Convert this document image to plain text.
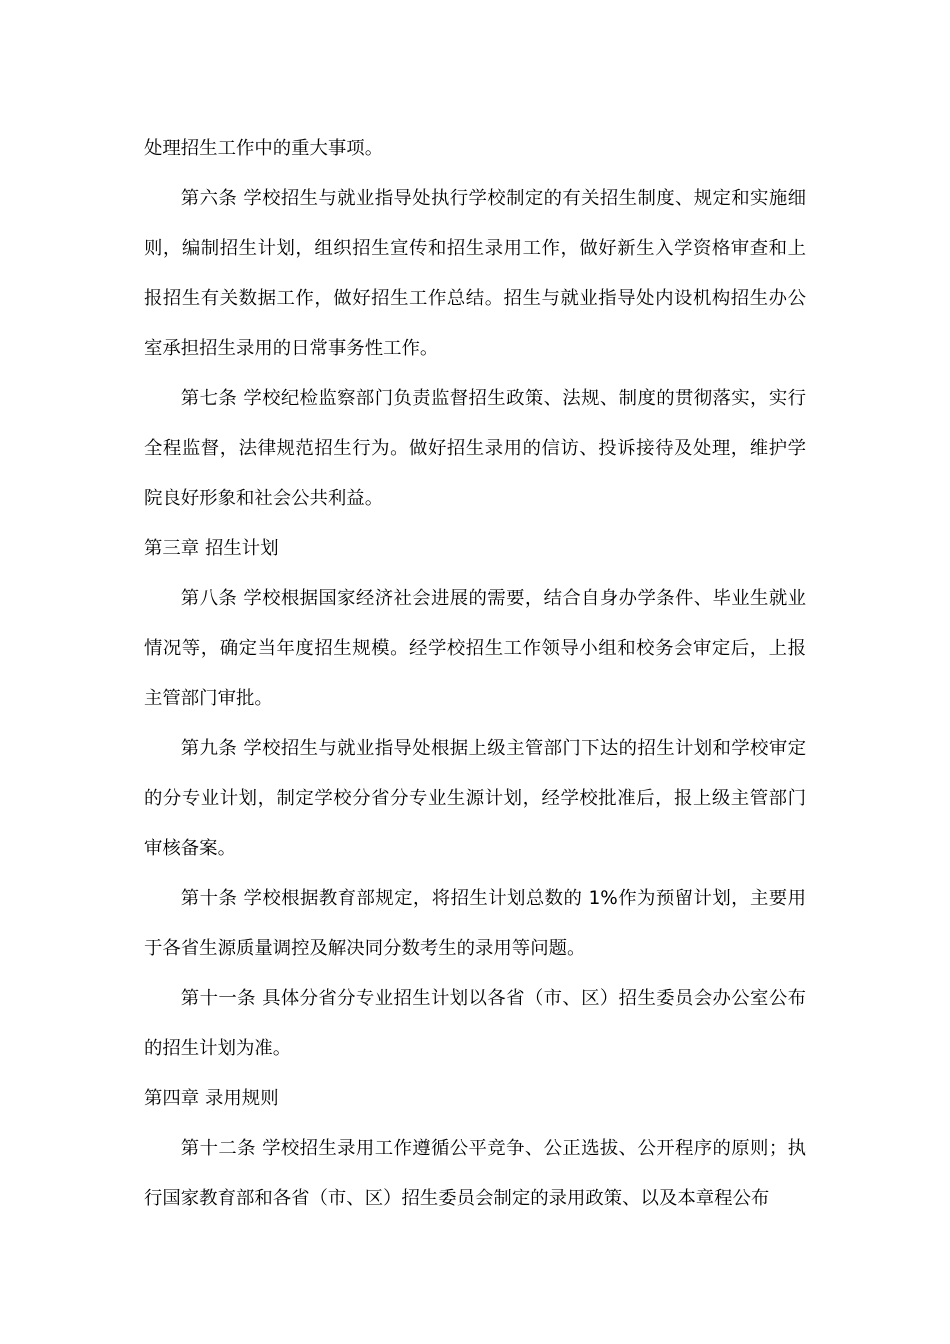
处理招生工作中的重大事项。

第六条 学校招生与就业指导处执行学校制定的有关招生制度、规定和实施细则，编制招生计划，组织招生宣传和招生录用工作，做好新生入学资格审查和上报招生有关数据工作，做好招生工作总结。招生与就业指导处内设机构招生办公室承担招生录用的日常事务性工作。

第七条 学校纪检监察部门负责监督招生政策、法规、制度的贯彻落实，实行全程监督，法律规范招生行为。做好招生录用的信访、投诉接待及处理，维护学院良好形象和社会公共利益。

第三章 招生计划

第八条 学校根据国家经济社会进展的需要，结合自身办学条件、毕业生就业情况等，确定当年度招生规模。经学校招生工作领导小组和校务会审定后，上报主管部门审批。

第九条 学校招生与就业指导处根据上级主管部门下达的招生计划和学校审定的分专业计划，制定学校分省分专业生源计划，经学校批准后，报上级主管部门审核备案。

第十条 学校根据教育部规定，将招生计划总数的 1%作为预留计划，主要用于各省生源质量调控及解决同分数考生的录用等问题。

第十一条 具体分省分专业招生计划以各省（市、区）招生委员会办公室公布的招生计划为准。

第四章 录用规则

第十二条 学校招生录用工作遵循公平竞争、公正选拔、公开程序的原则；执行国家教育部和各省（市、区）招生委员会制定的录用政策、以及本章程公布
